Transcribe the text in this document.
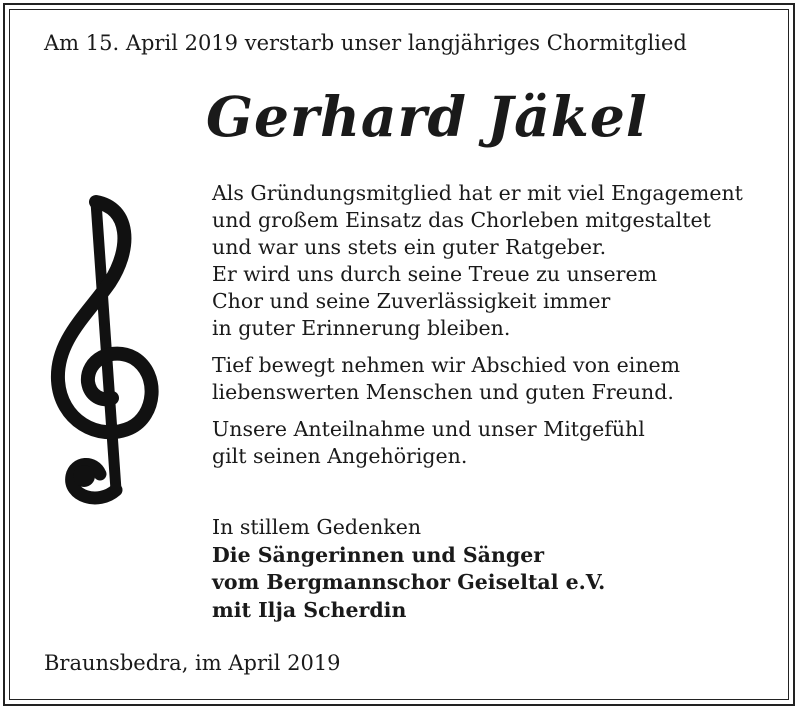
Am 15. April 2019 verstarb unser langjähriges Chormitglied
Gerhard Jäkel
Als Gründungsmitglied hat er mit viel Engagement
und großem Einsatz das Chorleben mitgestaltet
und war uns stets ein guter Ratgeber.
Er wird uns durch seine Treue zu unserem
Chor und seine Zuverlässigkeit immer
in guter Erinnerung bleiben.
Tief bewegt nehmen wir Abschied von einem
liebenswerten Menschen und guten Freund.
Unsere Anteilnahme und unser Mitgefühl
gilt seinen Angehörigen.
In stillem Gedenken
Die Sängerinnen und Sänger
vom Bergmannschor Geiseltal e.V.
mit Ilja Scherdin
Braunsbedra, im April 2019
